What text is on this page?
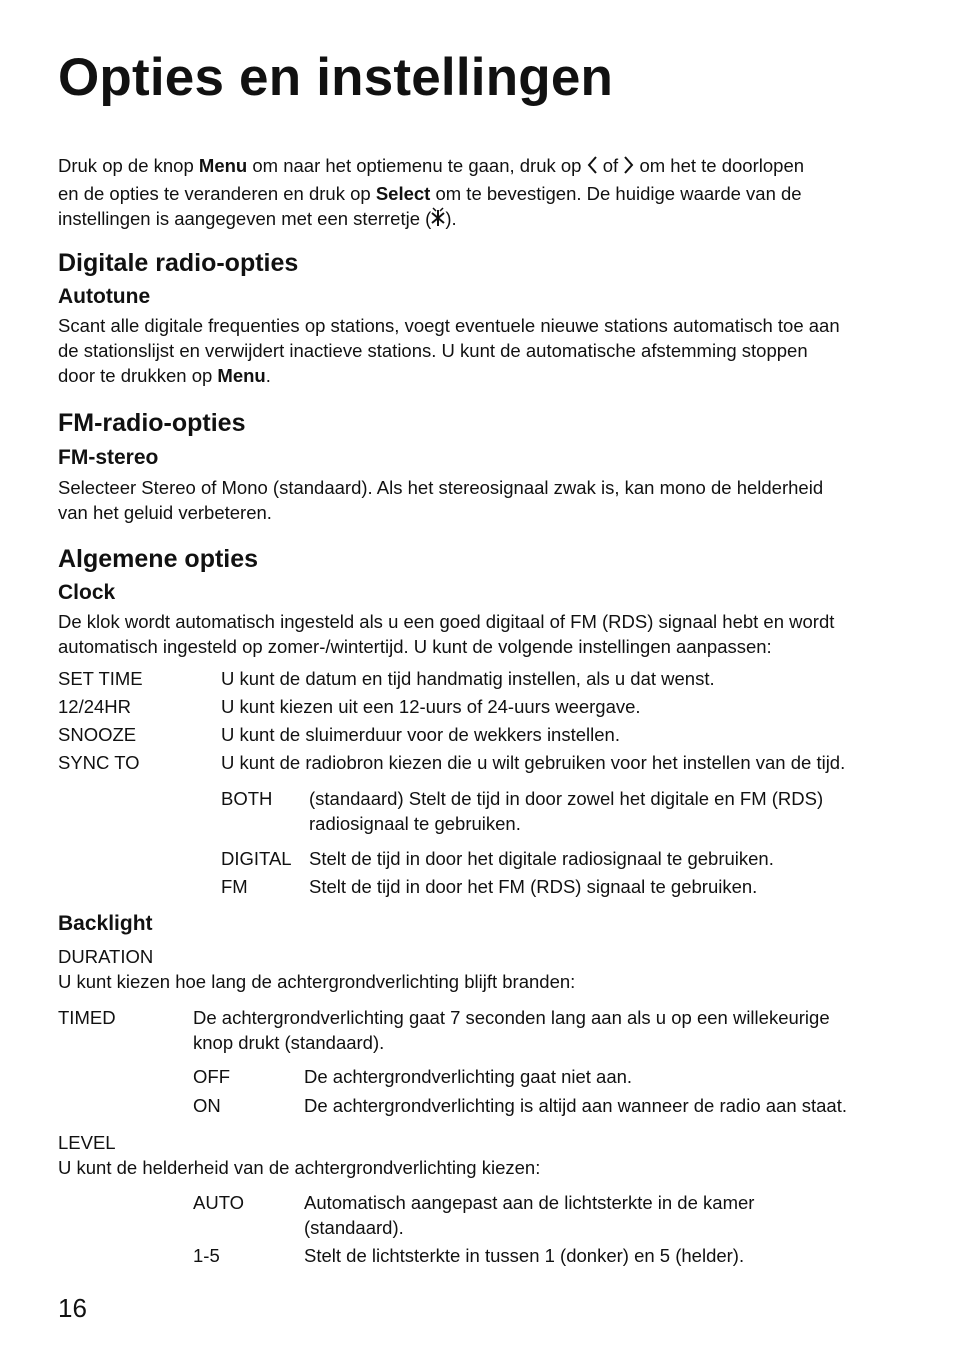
Opties en instellingen

Druk op de knop Menu om naar het optiemenu te gaan, druk op  of  om het te doorlopen

en de opties te veranderen en druk op Select om te bevestigen. De huidige waarde van de

instellingen is aangegeven met een sterretje ( ).

Digitale radio-opties
Autotune

Scant alle digitale frequenties op stations, voegt eventuele nieuwe stations automatisch toe aan

de stationslijst en verwijdert inactieve stations. U kunt de automatische afstemming stoppen

door te drukken op Menu.

FM-radio-opties
FM-stereo

Selecteer Stereo of Mono (standaard). Als het stereosignaal zwak is, kan mono de helderheid

van het geluid verbeteren.

Algemene opties
Clock

De klok wordt automatisch ingesteld als u een goed digitaal of FM (RDS) signaal hebt en wordt

automatisch ingesteld op zomer-/wintertijd. U kunt de volgende instellingen aanpassen:

SET TIME	U kunt de datum en tijd handmatig instellen, als u dat wenst.
12/24HR	U kunt kiezen uit een 12-uurs of 24-uurs weergave.
SNOOZE	U kunt de sluimerduur voor de wekkers instellen.
SYNC TO	U kunt de radiobron kiezen die u wilt gebruiken voor het instellen van de tijd.
BOTH (standaard) Stelt de tijd in door zowel het digitale en FM (RDS)
radiosignaal te gebruiken.
DIGITAL Stelt de tijd in door het digitale radiosignaal te gebruiken.
FM	Stelt de tijd in door het FM (RDS) signaal te gebruiken.
Backlight

DURATION

U kunt kiezen hoe lang de achtergrondverlichting blijft branden:

TIMED	De achtergrondverlichting gaat 7 seconden lang aan als u op een willekeurige
knop drukt (standaard).
OFF	De achtergrondverlichting gaat niet aan.
ON	De achtergrondverlichting is altijd aan wanneer de radio aan staat.

LEVEL

U kunt de helderheid van de achtergrondverlichting kiezen:

AUTO	Automatisch aangepast aan de lichtsterkte in de kamer
(standaard).
1-5	Stelt de lichtsterkte in tussen 1 (donker) en 5 (helder).
16
